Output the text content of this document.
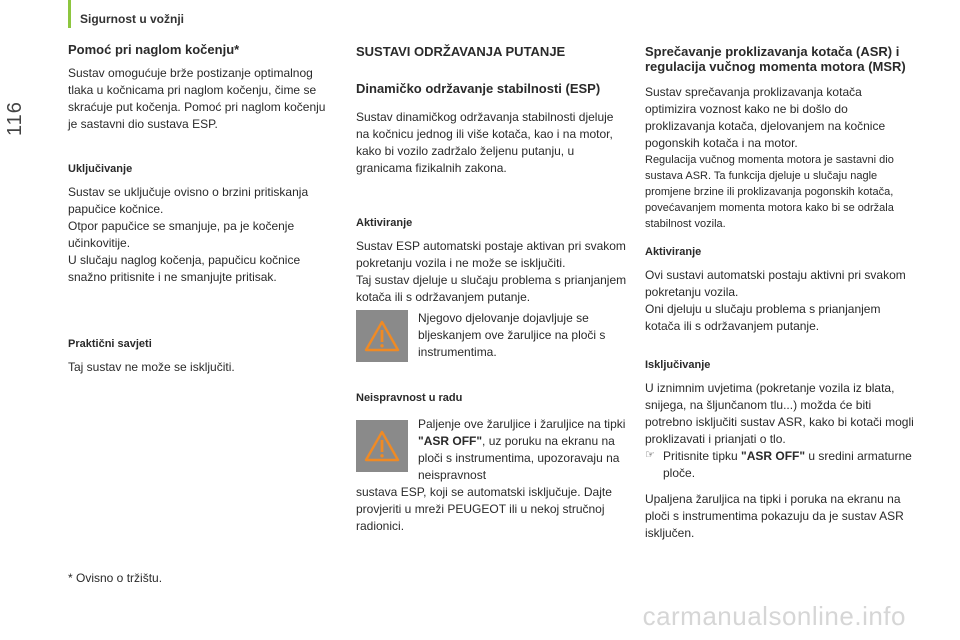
Sigurnost u vožnji
116
Pomoć pri naglom kočenju*

Sustav omogućuje brže postizanje optimalnog tlaka u kočnicama pri naglom kočenju, čime se skraćuje put kočenja. Pomoć pri naglom kočenju je sastavni dio sustava ESP.

Uključivanje

Sustav se uključuje ovisno o brzini pritiskanja papučice kočnice.

Otpor papučice se smanjuje, pa je kočenje učinkovitije.

U slučaju naglog kočenja, papučicu kočnice snažno pritisnite i ne smanjujte pritisak.

Praktični savjeti

Taj sustav ne može se isključiti.

* Ovisno o tržištu.

SUSTAVI ODRŽAVANJA PUTANJE
Dinamičko održavanje stabilnosti (ESP)

Sustav dinamičkog održavanja stabilnosti djeluje na kočnicu jednog ili više kotača, kao i na motor, kako bi vozilo zadržalo željenu putanju, u granicama fizikalnih zakona.

Aktiviranje

Sustav ESP automatski postaje aktivan pri svakom pokretanju vozila i ne može se isključiti.

Taj sustav djeluje u slučaju problema s prianjanjem kotača ili s održavanjem putanje.

Njegovo djelovanje dojavljuje se bljeskanjem ove žaruljice na ploči s instrumentima.

Neispravnost u radu

Paljenje ove žaruljice i žaruljice na tipki "ASR OFF", uz poruku na ekranu na ploči s instrumentima, upozoravaju na neispravnost

sustava ESP, koji se automatski isključuje. Dajte provjeriti u mreži PEUGEOT ili u nekoj stručnoj radionici.

Sprečavanje proklizavanja kotača (ASR) i regulacija vučnog momenta motora (MSR)

Sustav sprečavanja proklizavanja kotača optimizira voznost kako ne bi došlo do proklizavanja kotača, djelovanjem na kočnice pogonskih kotača i na motor.

Regulacija vučnog momenta motora je sastavni dio sustava ASR. Ta funkcija djeluje u slučaju nagle promjene brzine ili proklizavanja pogonskih kotača, povećavanjem momenta motora kako bi se održala stabilnost vozila.

Aktiviranje

Ovi sustavi automatski postaju aktivni pri svakom pokretanju vozila.

Oni djeluju u slučaju problema s prianjanjem kotača ili s održavanjem putanje.

Isključivanje

U iznimnim uvjetima (pokretanje vozila iz blata, snijega, na šljunčanom tlu...) možda će biti potrebno isključiti sustav ASR, kako bi kotači mogli proklizavati i prianjati o tlo.

☞ Pritisnite tipku "ASR OFF" u sredini armaturne ploče.

Upaljena žaruljica na tipki i poruka na ekranu na ploči s instrumentima pokazuju da je sustav ASR isključen.

carmanualsonline.info
